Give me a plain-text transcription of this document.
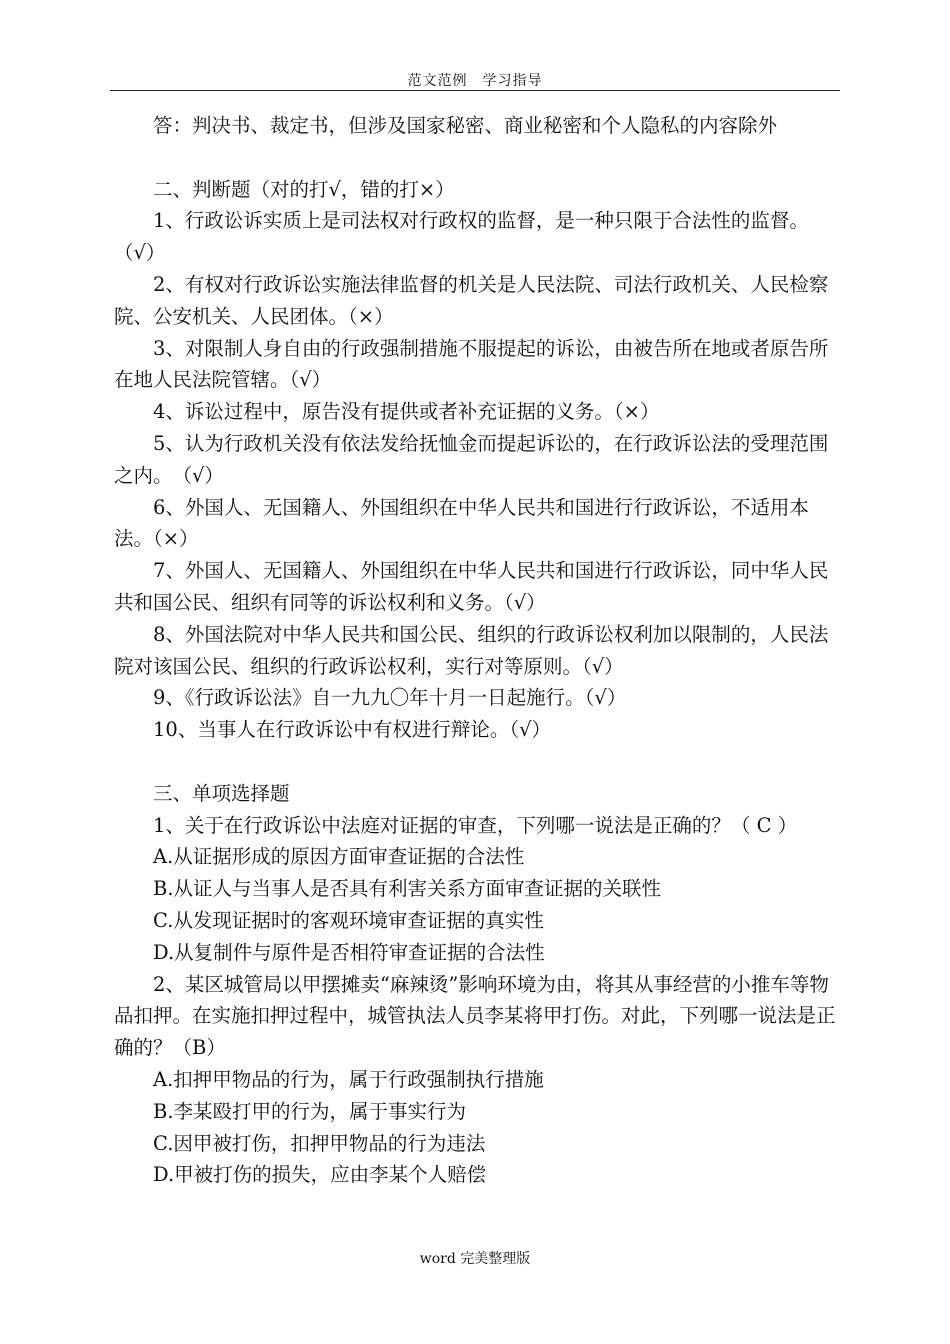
范文范例　学习指导

答：判决书、裁定书，但涉及国家秘密、商业秘密和个人隐私的内容除外

二、判断题（对的打√，错的打×）

1、行政讼诉实质上是司法权对行政权的监督，是一种只限于合法性的监督。（√）

2、有权对行政诉讼实施法律监督的机关是人民法院、司法行政机关、人民检察院、公安机关、人民团体。（×）

3、对限制人身自由的行政强制措施不服提起的诉讼，由被告所在地或者原告所在地人民法院管辖。（√）

4、诉讼过程中，原告没有提供或者补充证据的义务。（×）

5、认为行政机关没有依法发给抚恤金而提起诉讼的，在行政诉讼法的受理范围之内。　（√）

6、外国人、无国籍人、外国组织在中华人民共和国进行行政诉讼，不适用本法。（×）

7、外国人、无国籍人、外国组织在中华人民共和国进行行政诉讼，同中华人民共和国公民、组织有同等的诉讼权利和义务。（√）

8、外国法院对中华人民共和国公民、组织的行政诉讼权利加以限制的，人民法院对该国公民、组织的行政诉讼权利，实行对等原则。（√）

9、《行政诉讼法》自一九九〇年十月一日起施行。（√）

10、当事人在行政诉讼中有权进行辩论。（√）

三、单项选择题

1、关于在行政诉讼中法庭对证据的审查，下列哪一说法是正确的？（ C ）

A.从证据形成的原因方面审查证据的合法性

B.从证人与当事人是否具有利害关系方面审查证据的关联性

C.从发现证据时的客观环境审查证据的真实性

D.从复制件与原件是否相符审查证据的合法性

2、某区城管局以甲摆摊卖“麻辣烫”影响环境为由，将其从事经营的小推车等物品扣押。在实施扣押过程中，城管执法人员李某将甲打伤。对此，下列哪一说法是正确的？（B）

A.扣押甲物品的行为，属于行政强制执行措施

B.李某殴打甲的行为，属于事实行为

C.因甲被打伤，扣押甲物品的行为违法

D.甲被打伤的损失，应由李某个人赔偿

word 完美整理版
